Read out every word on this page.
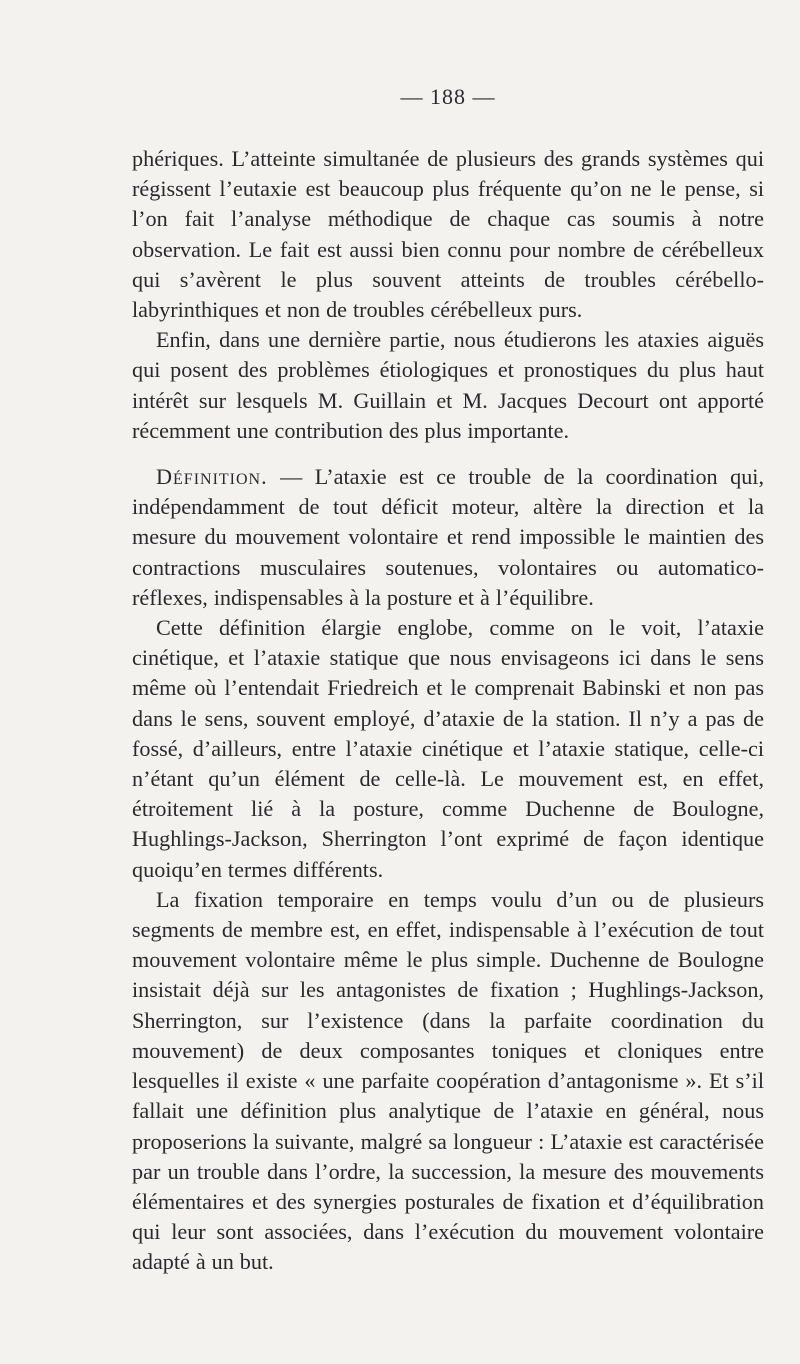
— 188 —

phériques. L’atteinte simultanée de plusieurs des grands systèmes qui régissent l’eutaxie est beaucoup plus fréquente qu’on ne le pense, si l’on fait l’analyse méthodique de chaque cas soumis à notre observation. Le fait est aussi bien connu pour nombre de cérébelleux qui s’avèrent le plus souvent atteints de troubles cérébello-labyrinthiques et non de troubles cérébelleux purs.

Enfin, dans une dernière partie, nous étudierons les ataxies aiguës qui posent des problèmes étiologiques et pronostiques du plus haut intérêt sur lesquels M. Guillain et M. Jacques Decourt ont apporté récemment une contribution des plus importante.

Définition. — L’ataxie est ce trouble de la coordination qui, indépendamment de tout déficit moteur, altère la direction et la mesure du mouvement volontaire et rend impossible le maintien des contractions musculaires soutenues, volontaires ou automatico-réflexes, indispensables à la posture et à l’équilibre.

Cette définition élargie englobe, comme on le voit, l’ataxie cinétique, et l’ataxie statique que nous envisageons ici dans le sens même où l’entendait Friedreich et le comprenait Babinski et non pas dans le sens, souvent employé, d’ataxie de la station. Il n’y a pas de fossé, d’ailleurs, entre l’ataxie cinétique et l’ataxie statique, celle-ci n’étant qu’un élément de celle-là. Le mouvement est, en effet, étroitement lié à la posture, comme Duchenne de Boulogne, Hughlings-Jackson, Sherrington l’ont exprimé de façon identique quoiqu’en termes différents.

La fixation temporaire en temps voulu d’un ou de plusieurs segments de membre est, en effet, indispensable à l’exécution de tout mouvement volontaire même le plus simple. Duchenne de Boulogne insistait déjà sur les antagonistes de fixation ; Hughlings-Jackson, Sherrington, sur l’existence (dans la parfaite coordination du mouvement) de deux composantes toniques et cloniques entre lesquelles il existe « une parfaite coopération d’antagonisme ». Et s’il fallait une définition plus analytique de l’ataxie en général, nous proposerions la suivante, malgré sa longueur : L’ataxie est caractérisée par un trouble dans l’ordre, la succession, la mesure des mouvements élémentaires et des synergies posturales de fixation et d’équilibration qui leur sont associées, dans l’exécution du mouvement volontaire adapté à un but.
